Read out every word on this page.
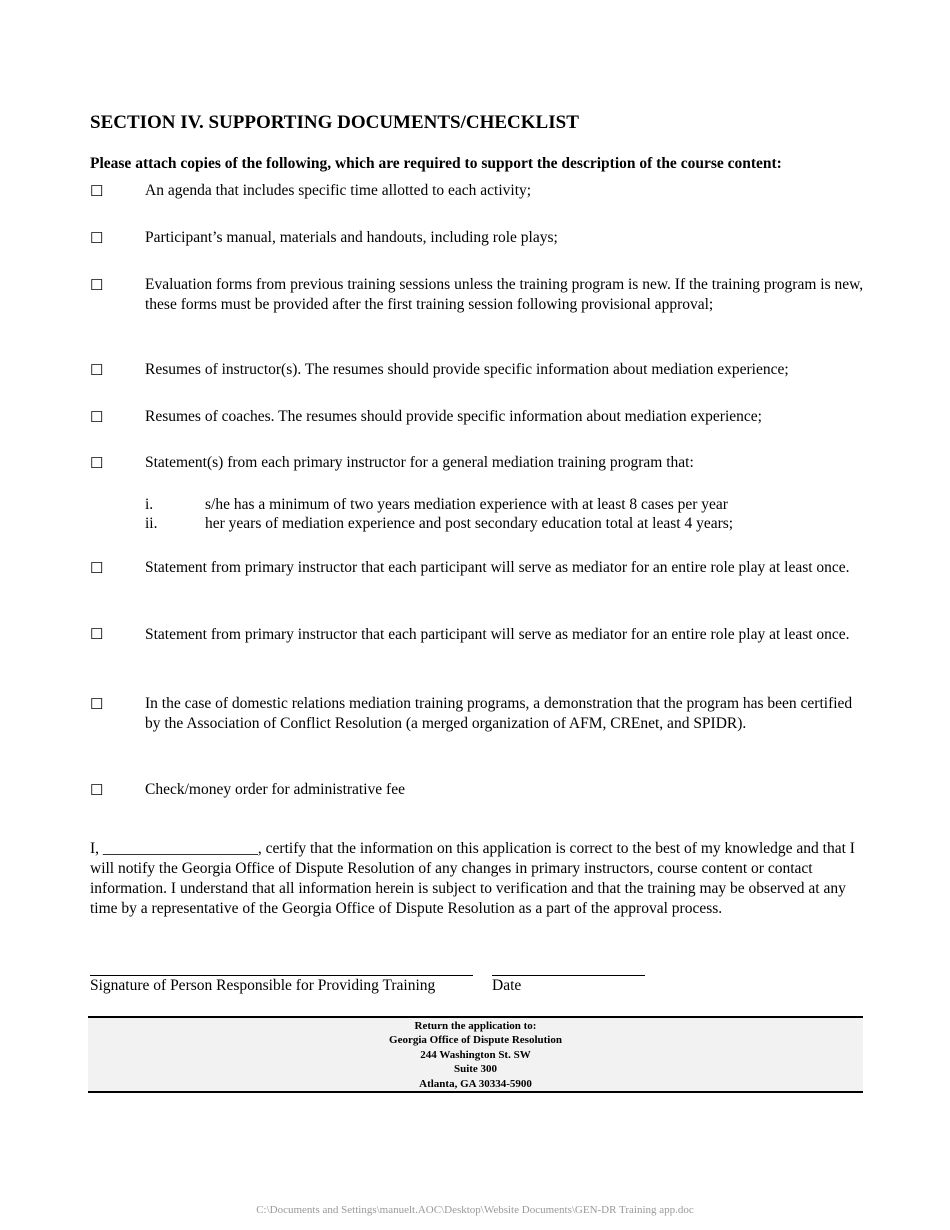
SECTION IV. SUPPORTING DOCUMENTS/CHECKLIST
Please attach copies of the following, which are required to support the description of the course content:
☐	An agenda that includes specific time allotted to each activity;
☐	Participant’s manual, materials and handouts, including role plays;
☐	Evaluation forms from previous training sessions unless the training program is new. If the training program is new, these forms must be provided after the first training session following provisional approval;
☐	Resumes of instructor(s). The resumes should provide specific information about mediation experience;
☐	Resumes of coaches. The resumes should provide specific information about mediation experience;
☐	Statement(s) from each primary instructor for a general mediation training program that:
i.	s/he has a minimum of two years mediation experience with at least 8 cases per year
ii.	her years of mediation experience and post secondary education total at least 4 years;
☐	Statement from primary instructor that each participant will serve as mediator for an entire role play at least once.
☐	Statement from primary instructor that each participant will serve as mediator for an entire role play at least once.
☐	In the case of domestic relations mediation training programs, a demonstration that the program has been certified by the Association of Conflict Resolution (a merged organization of AFM, CREnet, and SPIDR).
☐	Check/money order for administrative fee
I, ____________________, certify that the information on this application is correct to the best of my knowledge and that I will notify the Georgia Office of Dispute Resolution of any changes in primary instructors, course content or contact information. I understand that all information herein is subject to verification and that the training may be observed at any time by a representative of the Georgia Office of Dispute Resolution as a part of the approval process.
Signature of Person Responsible for Providing Training	Date
Return the application to:
Georgia Office of Dispute Resolution
244 Washington St. SW
Suite 300
Atlanta, GA 30334-5900
C:\Documents and Settings\manuelt.AOC\Desktop\Website Documents\GEN-DR Training app.doc
